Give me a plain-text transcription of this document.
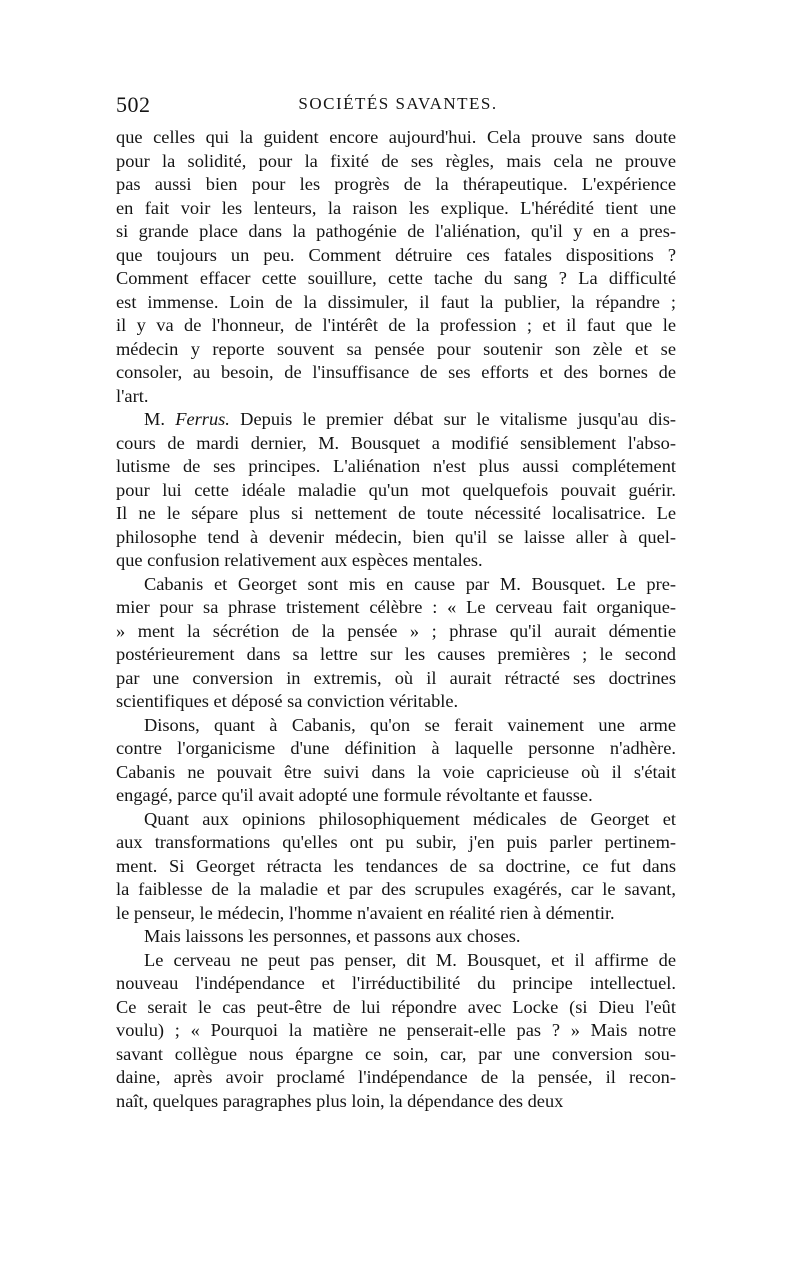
502	SOCIÉTÉS SAVANTES.
que celles qui la guident encore aujourd'hui. Cela prouve sans doute
pour la solidité, pour la fixité de ses règles, mais cela ne prouve
pas aussi bien pour les progrès de la thérapeutique. L'expérience
en fait voir les lenteurs, la raison les explique. L'hérédité tient une
si grande place dans la pathogénie de l'aliénation, qu'il y en a pres-
que toujours un peu. Comment détruire ces fatales dispositions ?
Comment effacer cette souillure, cette tache du sang ? La difficulté
est immense. Loin de la dissimuler, il faut la publier, la répandre ;
il y va de l'honneur, de l'intérêt de la profession ; et il faut que le
médecin y reporte souvent sa pensée pour soutenir son zèle et se
consoler, au besoin, de l'insuffisance de ses efforts et des bornes de
l'art.
M. Ferrus. Depuis le premier débat sur le vitalisme jusqu'au dis-
cours de mardi dernier, M. Bousquet a modifié sensiblement l'abso-
lutisme de ses principes. L'aliénation n'est plus aussi complétement
pour lui cette idéale maladie qu'un mot quelquefois pouvait guérir.
Il ne le sépare plus si nettement de toute nécessité localisatrice. Le
philosophe tend à devenir médecin, bien qu'il se laisse aller à quel-
que confusion relativement aux espèces mentales.
Cabanis et Georget sont mis en cause par M. Bousquet. Le pre-
mier pour sa phrase tristement célèbre : « Le cerveau fait organique-
» ment la sécrétion de la pensée » ; phrase qu'il aurait démentie
postérieurement dans sa lettre sur les causes premières ; le second
par une conversion in extremis, où il aurait rétracté ses doctrines
scientifiques et déposé sa conviction véritable.
Disons, quant à Cabanis, qu'on se ferait vainement une arme
contre l'organicisme d'une définition à laquelle personne n'adhère.
Cabanis ne pouvait être suivi dans la voie capricieuse où il s'était
engagé, parce qu'il avait adopté une formule révoltante et fausse.
Quant aux opinions philosophiquement médicales de Georget et
aux transformations qu'elles ont pu subir, j'en puis parler pertinem-
ment. Si Georget rétracta les tendances de sa doctrine, ce fut dans
la faiblesse de la maladie et par des scrupules exagérés, car le savant,
le penseur, le médecin, l'homme n'avaient en réalité rien à démentir.
Mais laissons les personnes, et passons aux choses.
Le cerveau ne peut pas penser, dit M. Bousquet, et il affirme de
nouveau l'indépendance et l'irréductibilité du principe intellectuel.
Ce serait le cas peut-être de lui répondre avec Locke (si Dieu l'eût
voulu) ; « Pourquoi la matière ne penserait-elle pas ? » Mais notre
savant collègue nous épargne ce soin, car, par une conversion sou-
daine, après avoir proclamé l'indépendance de la pensée, il recon-
naît, quelques paragraphes plus loin, la dépendance des deux
